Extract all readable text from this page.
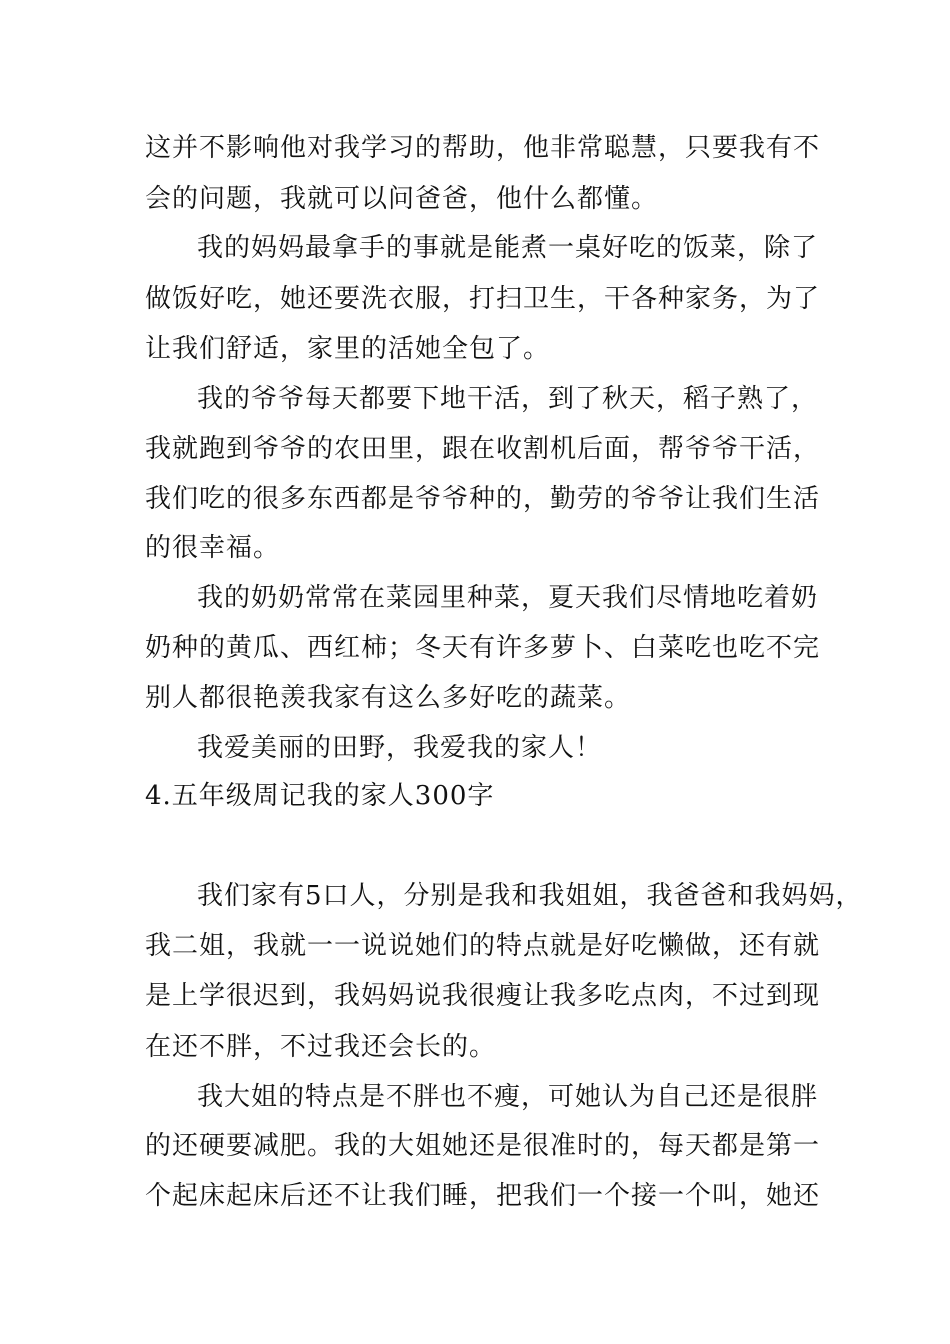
这并不影响他对我学习的帮助，他非常聪慧，只要我有不
会的问题，我就可以问爸爸，他什么都懂。
我的妈妈最拿手的事就是能煮一桌好吃的饭菜，除了
做饭好吃，她还要洗衣服，打扫卫生，干各种家务，为了
让我们舒适，家里的活她全包了。
我的爷爷每天都要下地干活，到了秋天，稻子熟了，
我就跑到爷爷的农田里，跟在收割机后面，帮爷爷干活，
我们吃的很多东西都是爷爷种的，勤劳的爷爷让我们生活
的很幸福。
我的奶奶常常在菜园里种菜，夏天我们尽情地吃着奶
奶种的黄瓜、西红柿；冬天有许多萝卜、白菜吃也吃不完
别人都很艳羡我家有这么多好吃的蔬菜。
我爱美丽的田野，我爱我的家人！
4.五年级周记我的家人300字
我们家有5口人，分别是我和我姐姐，我爸爸和我妈妈，
我二姐，我就一一说说她们的特点就是好吃懒做，还有就
是上学很迟到，我妈妈说我很瘦让我多吃点肉，不过到现
在还不胖，不过我还会长的。
我大姐的特点是不胖也不瘦，可她认为自己还是很胖
的还硬要减肥。我的大姐她还是很准时的，每天都是第一
个起床起床后还不让我们睡，把我们一个接一个叫，她还
